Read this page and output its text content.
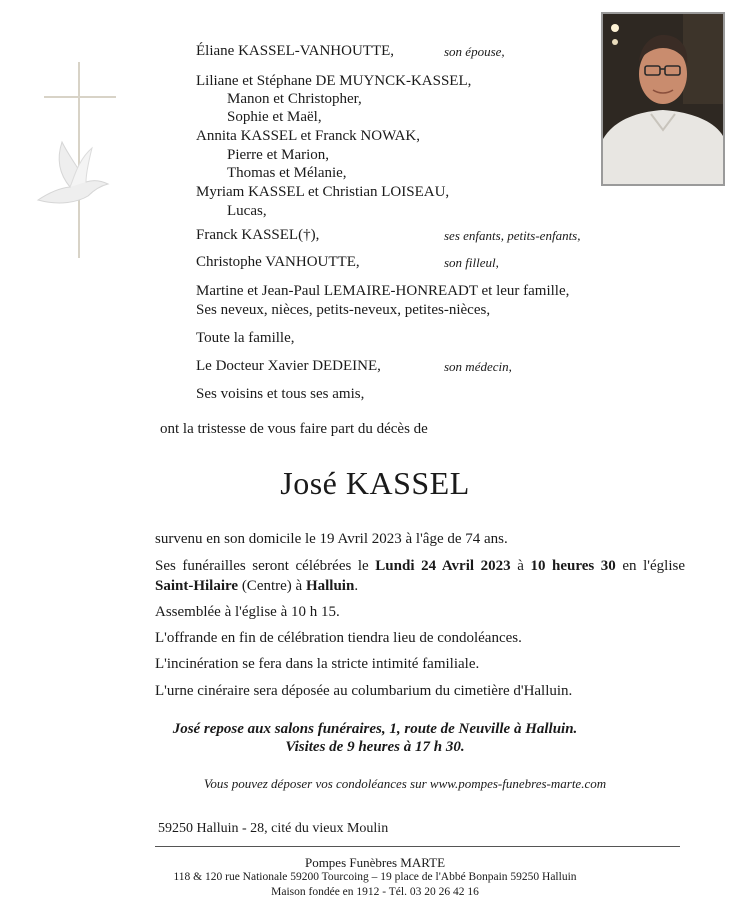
Éliane KASSEL-VANHOUTTE,	son épouse,
Liliane et Stéphane DE MUYNCK-KASSEL,
Manon et Christopher,
Sophie et Maël,
Annita KASSEL et Franck NOWAK,
Pierre et Marion,
Thomas et Mélanie,
Myriam KASSEL et Christian LOISEAU,
Lucas,
Franck KASSEL(†),	ses enfants, petits-enfants,
Christophe VANHOUTTE,	son filleul,
Martine et Jean-Paul LEMAIRE-HONREADT et leur famille,
Ses neveux, nièces, petits-neveux, petites-nièces,
Toute la famille,
Le Docteur Xavier DEDEINE,	son médecin,
Ses voisins et tous ses amis,
ont la tristesse de vous faire part du décès de
José KASSEL
survenu en son domicile le 19 Avril 2023 à l'âge de 74 ans.
Ses funérailles seront célébrées le Lundi 24 Avril 2023 à 10 heures 30 en l'église Saint-Hilaire (Centre) à Halluin.
Assemblée à l'église à 10 h 15.
L'offrande en fin de célébration tiendra lieu de condoléances.
L'incinération se fera dans la stricte intimité familiale.
L'urne cinéraire sera déposée au columbarium du cimetière d'Halluin.
José repose aux salons funéraires, 1, route de Neuville à Halluin.
Visites de 9 heures à 17 h 30.
Vous pouvez déposer vos condoléances sur www.pompes-funebres-marte.com
59250 Halluin - 28, cité du vieux Moulin
Pompes Funèbres MARTE
118 & 120 rue Nationale 59200 Tourcoing – 19 place de l'Abbé Bonpain 59250 Halluin
Maison fondée en 1912 - Tél. 03 20 26 42 16
